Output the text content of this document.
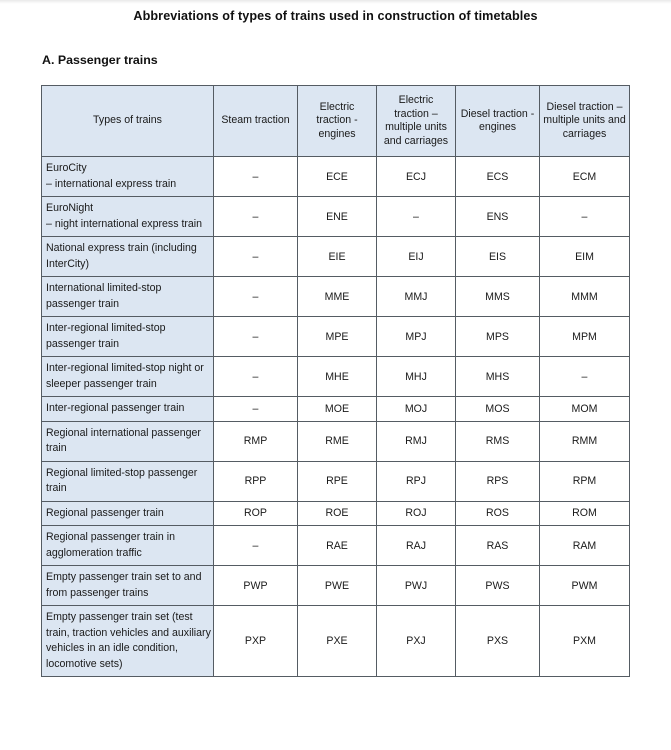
Abbreviations of types of trains used in construction of timetables
A. Passenger trains
Types of trains	Steam traction	Electric traction - engines	Electric traction – multiple units and carriages	Diesel traction - engines	Diesel traction – multiple units and carriages
EuroCity
– international express train	–	ECE	ECJ	ECS	ECM
EuroNight
– night international express train	–	ENE	–	ENS	–
National express train (including InterCity)	–	EIE	EIJ	EIS	EIM
International limited-stop passenger train	–	MME	MMJ	MMS	MMM
Inter-regional limited-stop passenger train	–	MPE	MPJ	MPS	MPM
Inter-regional limited-stop night or sleeper passenger train	–	MHE	MHJ	MHS	–
Inter-regional passenger train	–	MOE	MOJ	MOS	MOM
Regional international passenger train	RMP	RME	RMJ	RMS	RMM
Regional limited-stop passenger train	RPP	RPE	RPJ	RPS	RPM
Regional passenger train	ROP	ROE	ROJ	ROS	ROM
Regional passenger train in agglomeration traffic	–	RAE	RAJ	RAS	RAM
Empty passenger train set to and from passenger trains	PWP	PWE	PWJ	PWS	PWM
Empty passenger train set (test train, traction vehicles and auxiliary vehicles in an idle condition, locomotive sets)	PXP	PXE	PXJ	PXS	PXM
